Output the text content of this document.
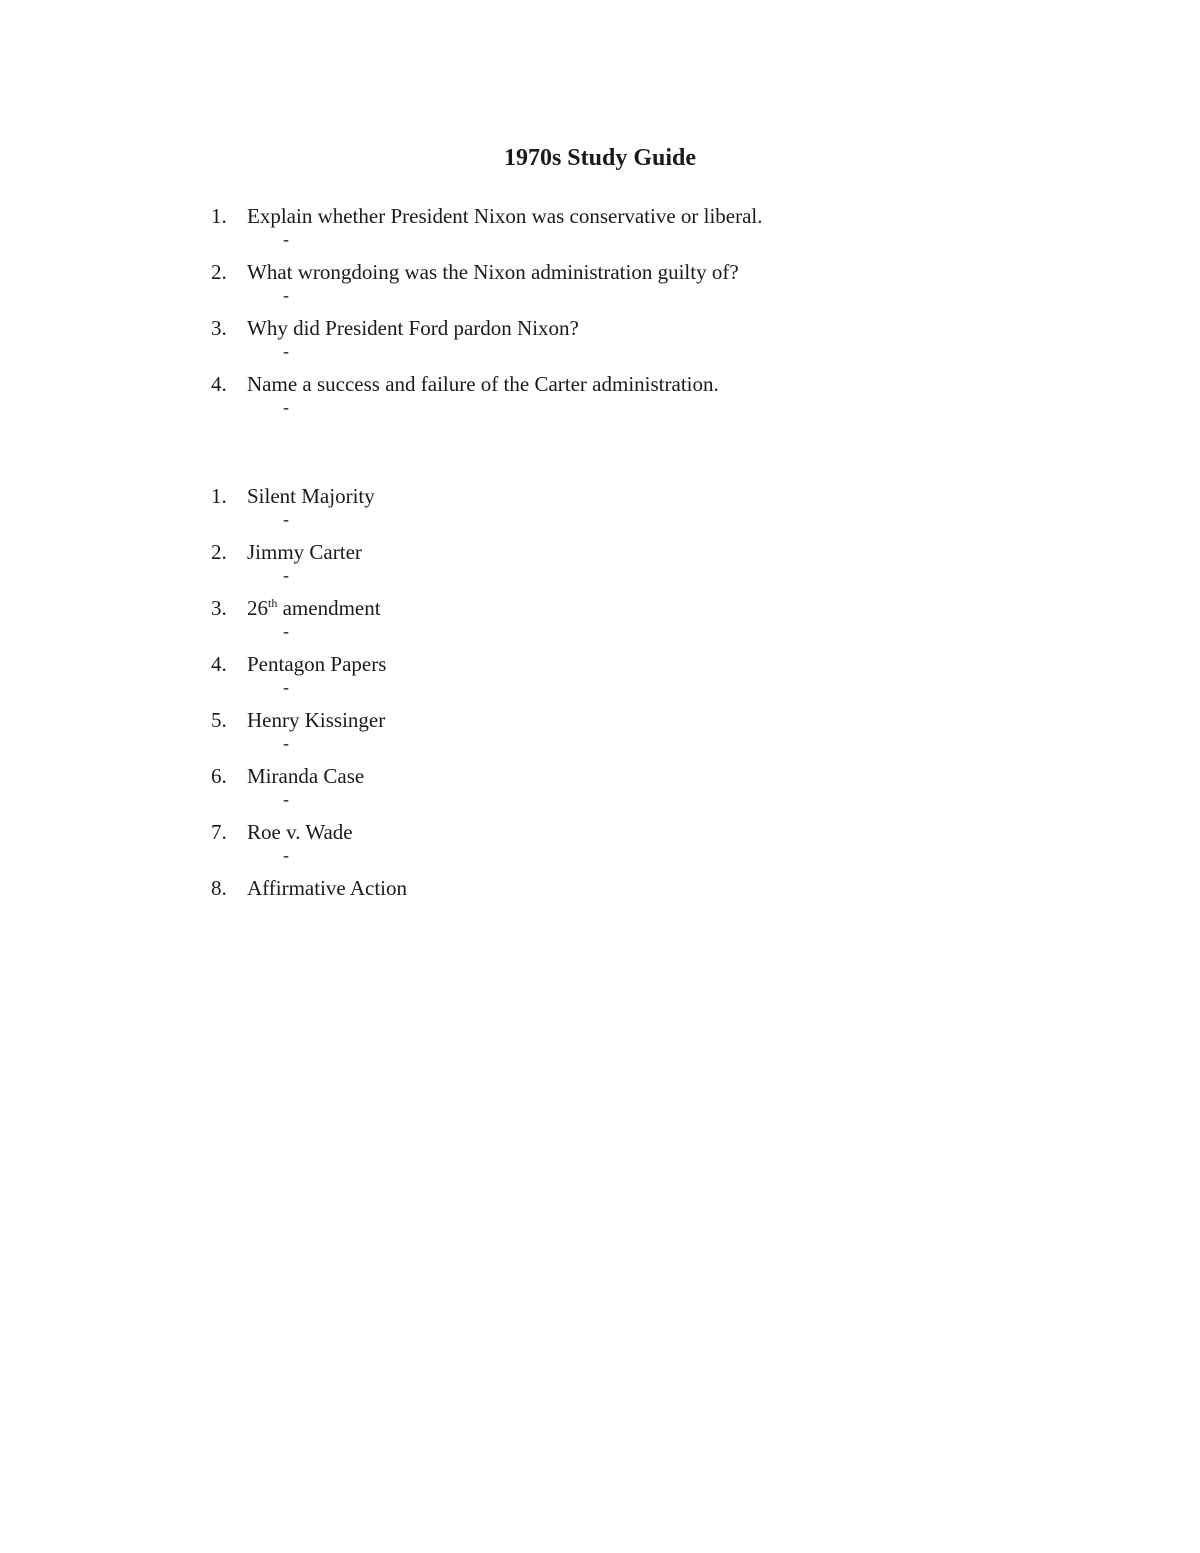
1970s Study Guide
1. Explain whether President Nixon was conservative or liberal.
-
2. What wrongdoing was the Nixon administration guilty of?
-
3. Why did President Ford pardon Nixon?
-
4. Name a success and failure of the Carter administration.
-
1. Silent Majority
-
2. Jimmy Carter
-
3. 26th amendment
-
4. Pentagon Papers
-
5. Henry Kissinger
-
6. Miranda Case
-
7. Roe v. Wade
-
8. Affirmative Action
